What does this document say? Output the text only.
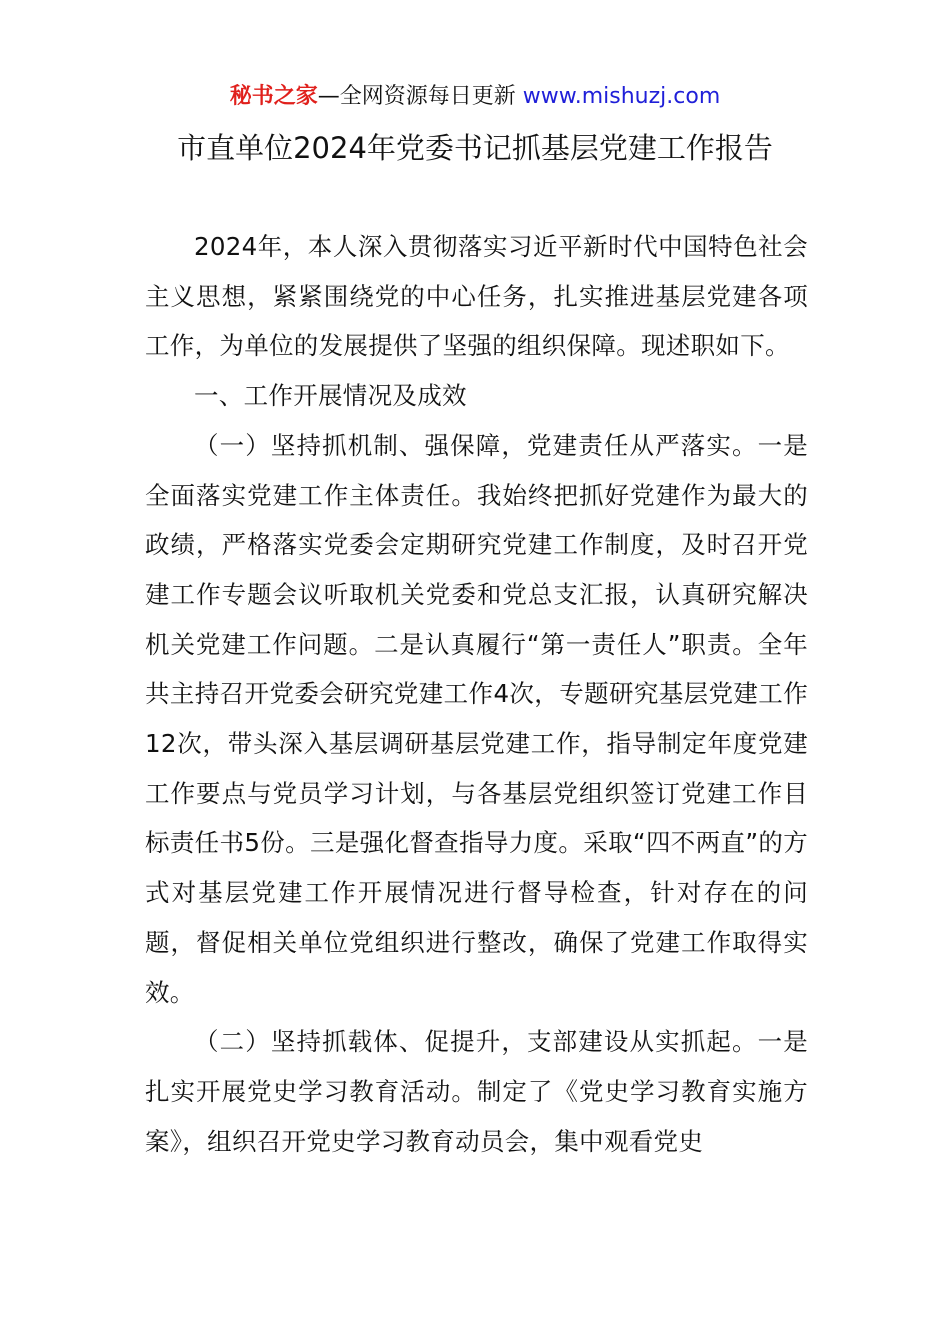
秘书之家—全网资源每日更新 www.mishuzj.com
市直单位2024年党委书记抓基层党建工作报告

2024年，本人深入贯彻落实习近平新时代中国特色社会主义思想，紧紧围绕党的中心任务，扎实推进基层党建各项工作，为单位的发展提供了坚强的组织保障。现述职如下。

一、工作开展情况及成效

（一）坚持抓机制、强保障，党建责任从严落实。一是全面落实党建工作主体责任。我始终把抓好党建作为最大的政绩，严格落实党委会定期研究党建工作制度，及时召开党建工作专题会议听取机关党委和党总支汇报，认真研究解决机关党建工作问题。二是认真履行“第一责任人”职责。全年共主持召开党委会研究党建工作4次，专题研究基层党建工作12次，带头深入基层调研基层党建工作，指导制定年度党建工作要点与党员学习计划，与各基层党组织签订党建工作目标责任书5份。三是强化督查指导力度。采取“四不两直”的方式对基层党建工作开展情况进行督导检查，针对存在的问题，督促相关单位党组织进行整改，确保了党建工作取得实效。

（二）坚持抓载体、促提升，支部建设从实抓起。一是扎实开展党史学习教育活动。制定了《党史学习教育实施方案》，组织召开党史学习教育动员会，集中观看党史
